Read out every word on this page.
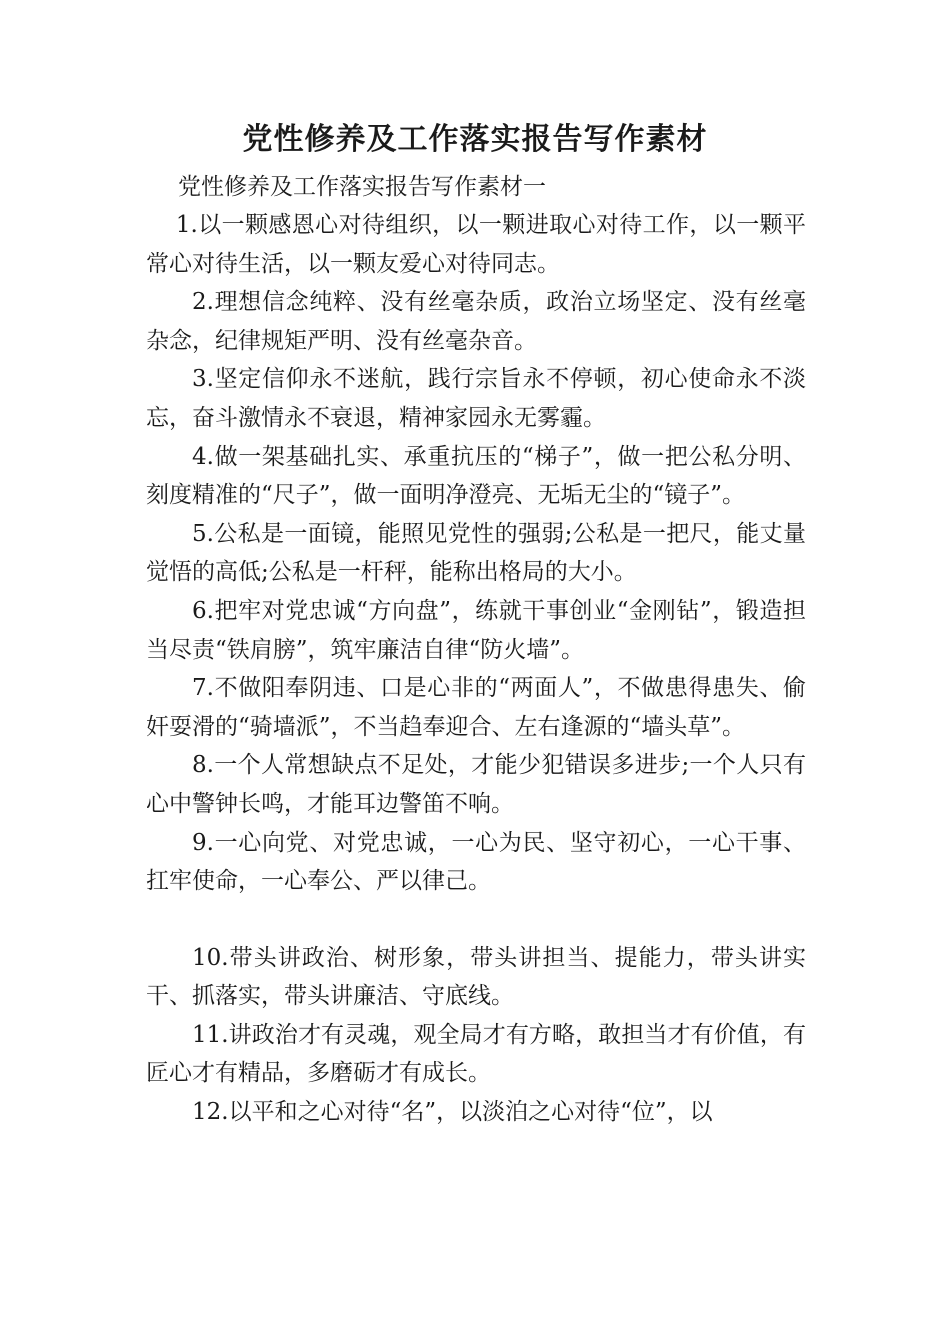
党性修养及工作落实报告写作素材

党性修养及工作落实报告写作素材一

1.以一颗感恩心对待组织，以一颗进取心对待工作，以一颗平常心对待生活，以一颗友爱心对待同志。

2.理想信念纯粹、没有丝毫杂质，政治立场坚定、没有丝毫杂念，纪律规矩严明、没有丝毫杂音。

3.坚定信仰永不迷航，践行宗旨永不停顿，初心使命永不淡忘，奋斗激情永不衰退，精神家园永无雾霾。

4.做一架基础扎实、承重抗压的“梯子”，做一把公私分明、刻度精准的“尺子”，做一面明净澄亮、无垢无尘的“镜子”。

5.公私是一面镜，能照见党性的强弱;公私是一把尺，能丈量觉悟的高低;公私是一杆秤，能称出格局的大小。

6.把牢对党忠诚“方向盘”，练就干事创业“金刚钻”，锻造担当尽责“铁肩膀”，筑牢廉洁自律“防火墙”。

7.不做阳奉阴违、口是心非的“两面人”，不做患得患失、偷奸耍滑的“骑墙派”，不当趋奉迎合、左右逢源的“墙头草”。

8.一个人常想缺点不足处，才能少犯错误多进步;一个人只有心中警钟长鸣，才能耳边警笛不响。

9.一心向党、对党忠诚，一心为民、坚守初心，一心干事、扛牢使命，一心奉公、严以律己。

10.带头讲政治、树形象，带头讲担当、提能力，带头讲实干、抓落实，带头讲廉洁、守底线。

11.讲政治才有灵魂，观全局才有方略，敢担当才有价值，有匠心才有精品，多磨砺才有成长。

12.以平和之心对待“名”，以淡泊之心对待“位”，以
